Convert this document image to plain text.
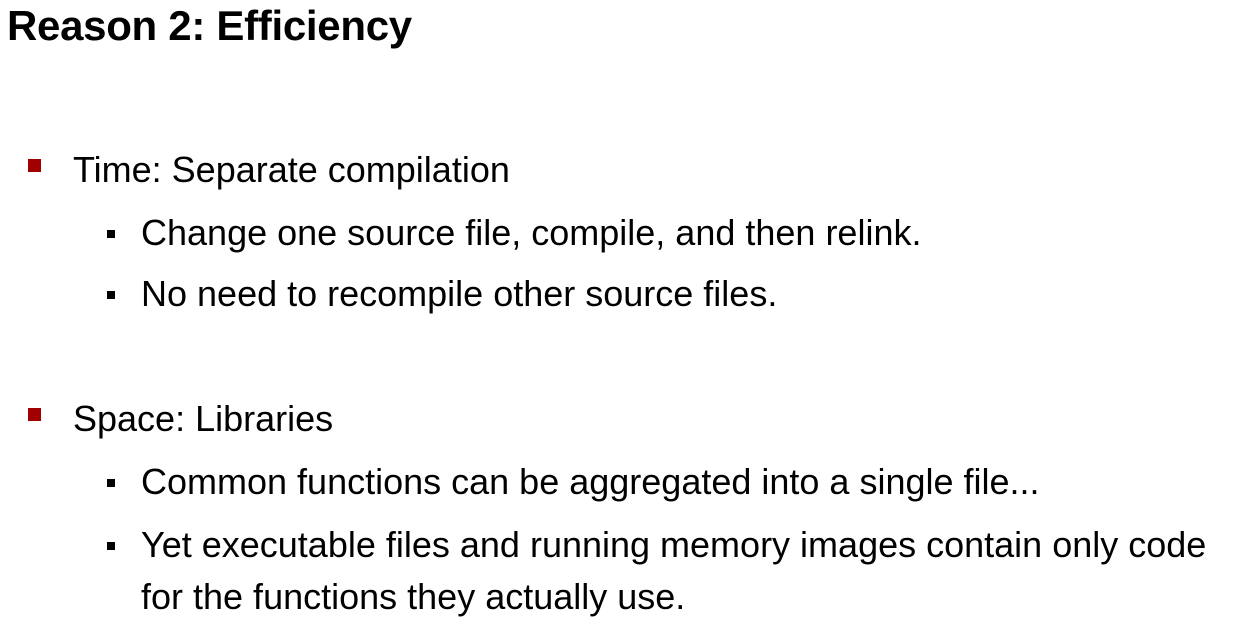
Reason 2: Efficiency
Time: Separate compilation
Change one source file, compile, and then relink.
No need to recompile other source files.
Space: Libraries
Common functions can be aggregated into a single file...
Yet executable files and running memory images contain only code for the functions they actually use.
